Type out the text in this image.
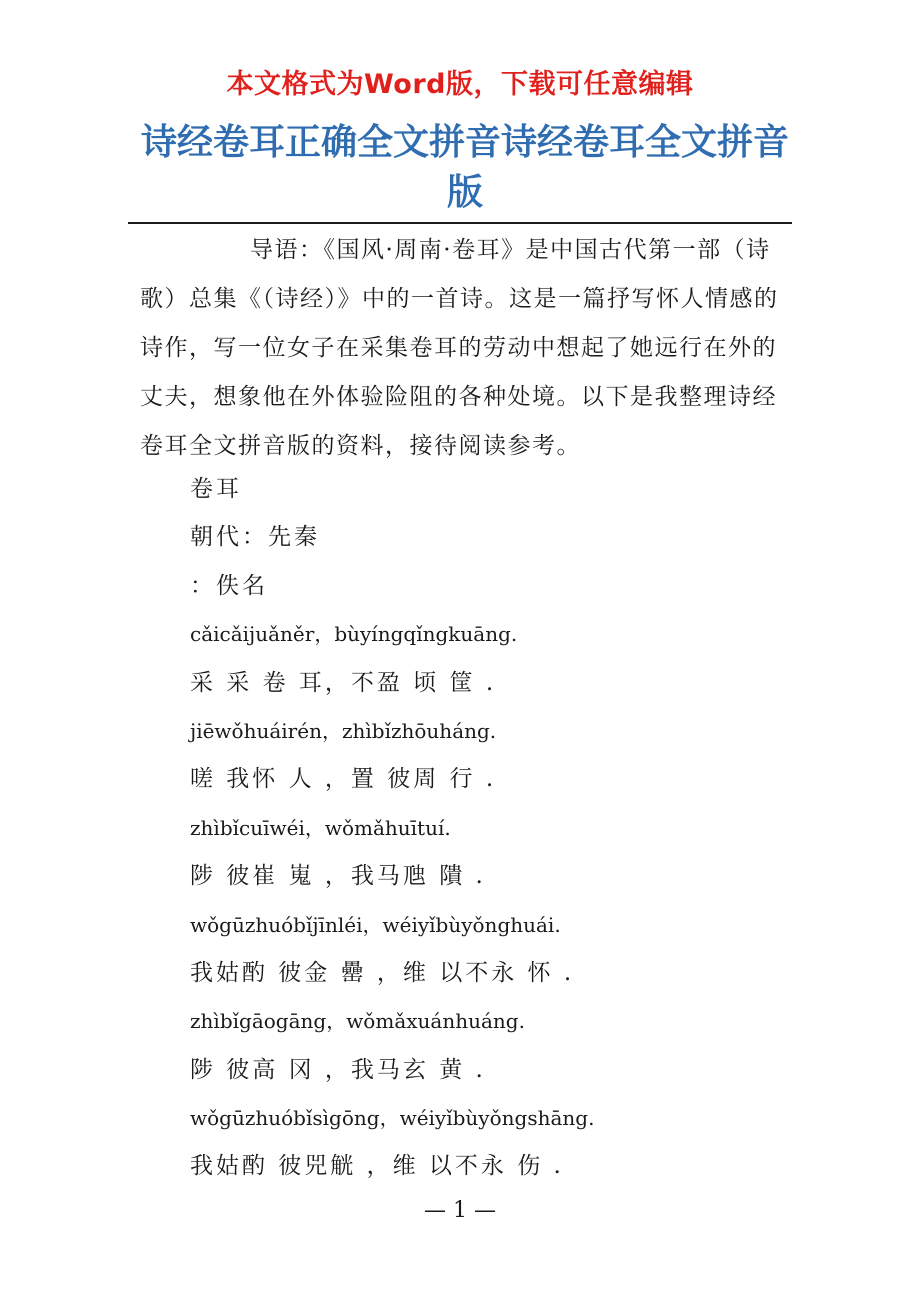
本文格式为Word版，下载可任意编辑
诗经卷耳正确全文拼音诗经卷耳全文拼音版

导语：《国风·周南·卷耳》是中国古代第一部（诗歌）总集《（诗经）》中的一首诗。这是一篇抒写怀人情感的诗作，写一位女子在采集卷耳的劳动中想起了她远行在外的丈夫，想象他在外体验险阻的各种处境。以下是我整理诗经卷耳全文拼音版的资料，接待阅读参考。

卷耳
朝代：先秦
：佚名
cǎicǎijuǎněr，bùyíngqǐngkuāng.
采 采 卷 耳，不盈 顷 筐 .
jiēwǒhuáirén，zhìbǐzhōuháng.
嗟 我怀 人 ，置 彼周 行 .
zhìbǐcuīwéi，wǒmǎhuītuí.
陟 彼崔 嵬 ，我马虺 隤 .
wǒgūzhuóbǐjīnléi，wéiyǐbùyǒnghuái.
我姑酌 彼金 罍 ，维 以不永 怀 .
zhìbǐgāogāng，wǒmǎxuánhuáng.
陟 彼高 冈 ，我马玄 黄 .
wǒgūzhuóbǐsìgōng，wéiyǐbùyǒngshāng.
我姑酌 彼兕觥 ，维 以不永 伤 .
— 1 —
